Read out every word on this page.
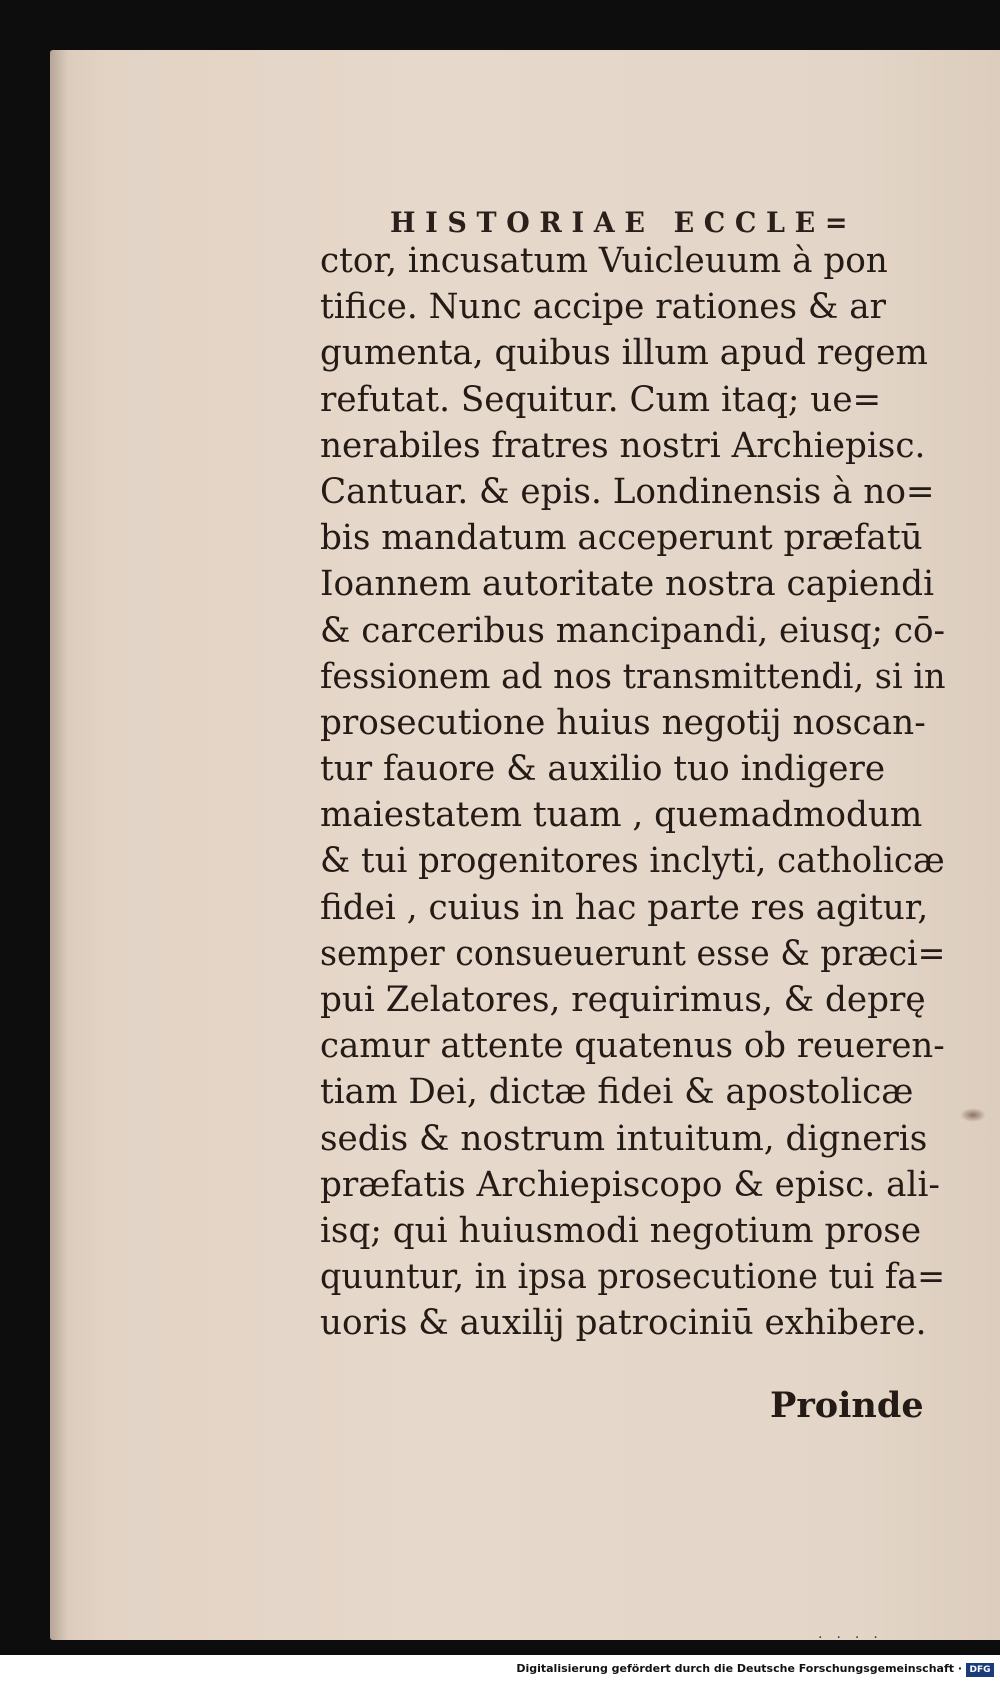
HISTORIAE ECCLE=
ctor, incusatum Vuicleuum à pon
tifice. Nunc accipe rationes & ar
gumenta, quibus illum apud regem
refutat. Sequitur. Cum itaq; ue=
nerabiles fratres nostri Archiepisc.
Cantuar. & epis. Londinensis à no=
bis mandatum acceperunt præfatū
Ioannem autoritate nostra capiendi
& carceribus mancipandi, eiusq; cō-
fessionem ad nos transmittendi, si in
prosecutione huius negotij noscan-
tur fauore & auxilio tuo indigere
maiestatem tuam , quemadmodum
& tui progenitores inclyti, catholicæ
fidei , cuius in hac parte res agitur,
semper consueuerunt esse & præci=
pui Zelatores, requirimus, & deprę
camur attente quatenus ob reueren-
tiam Dei, dictæ fidei & apostolicæ
sedis & nostrum intuitum, digneris
præfatis Archiepiscopo & episc. ali-
isq; qui huiusmodi negotium prose
quuntur, in ipsa prosecutione tui fa=
uoris & auxilij patrociniū exhibere.
Proinde
····
Digitalisierung gefördert durch die Deutsche Forschungsgemeinschaft · DFG
